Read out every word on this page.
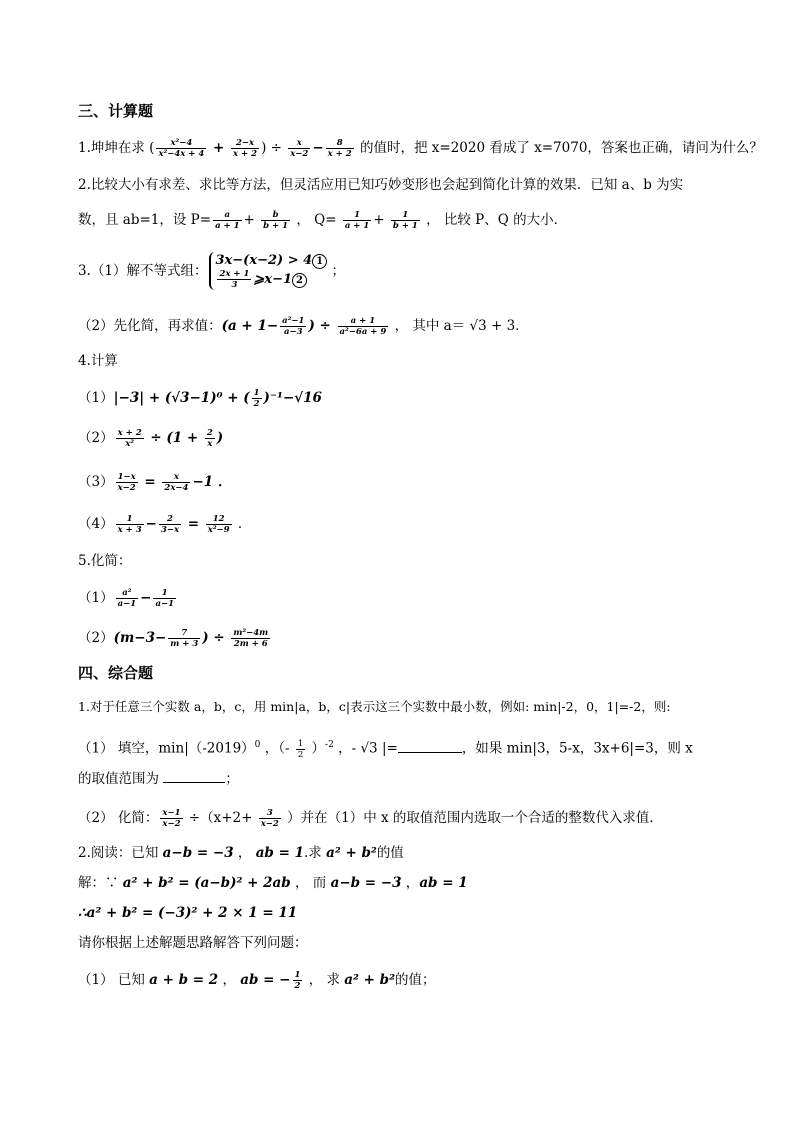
三、计算题
1.坤坤在求 ( $\frac{\text{x²−4}}{\text{x²−4x + 4}} + \frac{2-x}{x + 2}$ ) ÷ $\frac{x}{x-2} - \frac{8}{x + 2}$ 的值时，把 x=2020 看成了 x=7070，答案也正确，请问为什么？
2.比较大小有求差、求比等方法，但灵活应用已知巧妙变形也会起到简化计算的效果．已知 a、b 为实
数，且 ab=1，设 $P= \frac{a}{a + 1} + \frac{b}{b + 1}$ ， $Q= \frac{1}{a + 1} + \frac{1}{b + 1}$ ， 比较 P、Q 的大小．
3.（1）解不等式组：
3x−(x−2) > 4 1
$\frac{2x + 1}{3}$ ⩾x−1 2
；
（2）先化简，再求值：($a + 1- \frac{\text{a²−1}}{a-3}$ ) ÷ $\frac{a + 1}{\text{a²−6a + 9}}$ ， 其中 a＝ √3 + 3．
4.计算
（1）|−3| + (√3−1)⁰ + ( $\frac{1}{2} )^{-1}-√16$
$(2) \frac{x + 2}{\text{x²}} \div (1 + \frac{2}{x}$ )
$(3) \frac{1-x}{x-2} = \frac{x}{2x-4} -1$ ．
$(4) \frac{1}{x + 3} - \frac{2}{3-x} = \frac{12}{\text{x²−9}}$ ．
5.化简：
$(1) \frac{\text{a²}}{a-1} - \frac{1}{a-1}$
$(2)(m-3- \frac{7}{m + 3}$ ) ÷ $\frac{\text{m²−4m}}{2m + 6}$
四、综合题
1.对于任意三个实数 a，b，c，用 min|a，b，c|表示这三个实数中最小数，例如: min|-2，0，1|=-2，则:
（1） 填空，$\min|(-2019)^0$ ，（- $\frac{1}{2} )^{-2}$ ，- √3 |=	，如果 min|3，5-x，3x+6|=3，则 x
的取值范围为	；
（2） 化简： $\frac{x-1}{x-2} \div(x+2+ \frac{3}{x-2}$ ）并在（1）中 x 的取值范围内选取一个合适的整数代入求值．
2.阅读：已知 a−b = −3 ， ab = 1.求 a² + b²的值
解：∵ a² + b² = (a−b)² + 2ab ， 而 a−b = −3 ，ab = 1
∴a² + b² = (−3)² + 2 × 1 = 11
请你根据上述解题思路解答下列问题：
（1） 已知 a + b = 2 ， ab = − $\frac{1}{2}$ ， 求 a² + b²的值；
